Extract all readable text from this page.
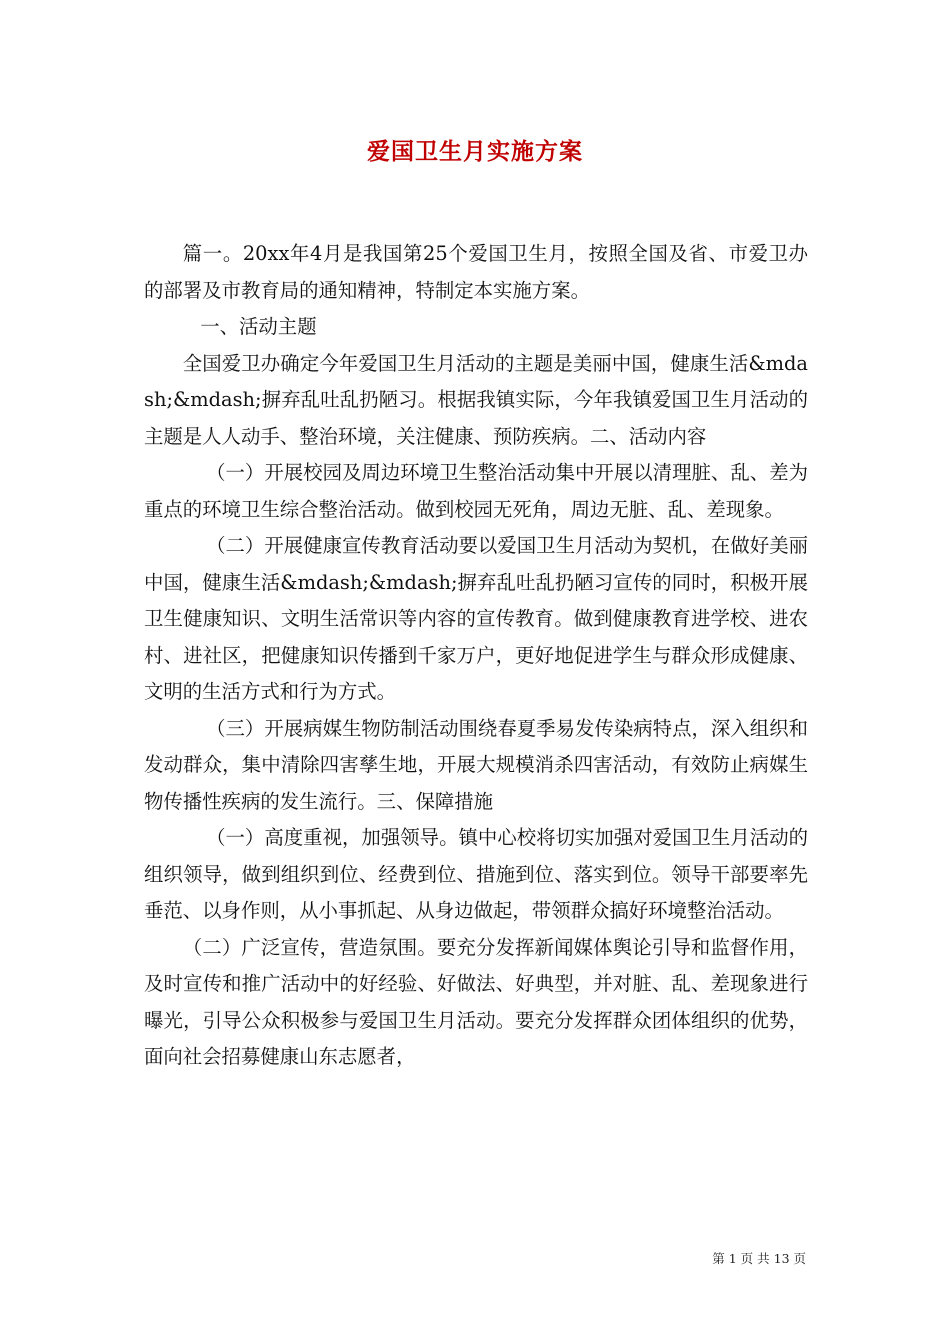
爱国卫生月实施方案

篇一。20xx年4月是我国第25个爱国卫生月，按照全国及省、市爱卫办的部署及市教育局的通知精神，特制定本实施方案。

一、活动主题

全国爱卫办确定今年爱国卫生月活动的主题是美丽中国，健康生活&mdash;&mdash;摒弃乱吐乱扔陋习。根据我镇实际，今年我镇爱国卫生月活动的主题是人人动手、整治环境，关注健康、预防疾病。二、活动内容

（一）开展校园及周边环境卫生整治活动集中开展以清理脏、乱、差为重点的环境卫生综合整治活动。做到校园无死角，周边无脏、乱、差现象。

（二）开展健康宣传教育活动要以爱国卫生月活动为契机，在做好美丽中国，健康生活&mdash;&mdash;摒弃乱吐乱扔陋习宣传的同时，积极开展卫生健康知识、文明生活常识等内容的宣传教育。做到健康教育进学校、进农村、进社区，把健康知识传播到千家万户，更好地促进学生与群众形成健康、文明的生活方式和行为方式。

（三）开展病媒生物防制活动围绕春夏季易发传染病特点，深入组织和发动群众，集中清除四害孳生地，开展大规模消杀四害活动，有效防止病媒生物传播性疾病的发生流行。三、保障措施

（一）高度重视，加强领导。镇中心校将切实加强对爱国卫生月活动的组织领导，做到组织到位、经费到位、措施到位、落实到位。领导干部要率先垂范、以身作则，从小事抓起、从身边做起，带领群众搞好环境整治活动。

（二）广泛宣传，营造氛围。要充分发挥新闻媒体舆论引导和监督作用，及时宣传和推广活动中的好经验、好做法、好典型，并对脏、乱、差现象进行曝光，引导公众积极参与爱国卫生月活动。要充分发挥群众团体组织的优势，面向社会招募健康山东志愿者，

第 1 页 共 13 页
